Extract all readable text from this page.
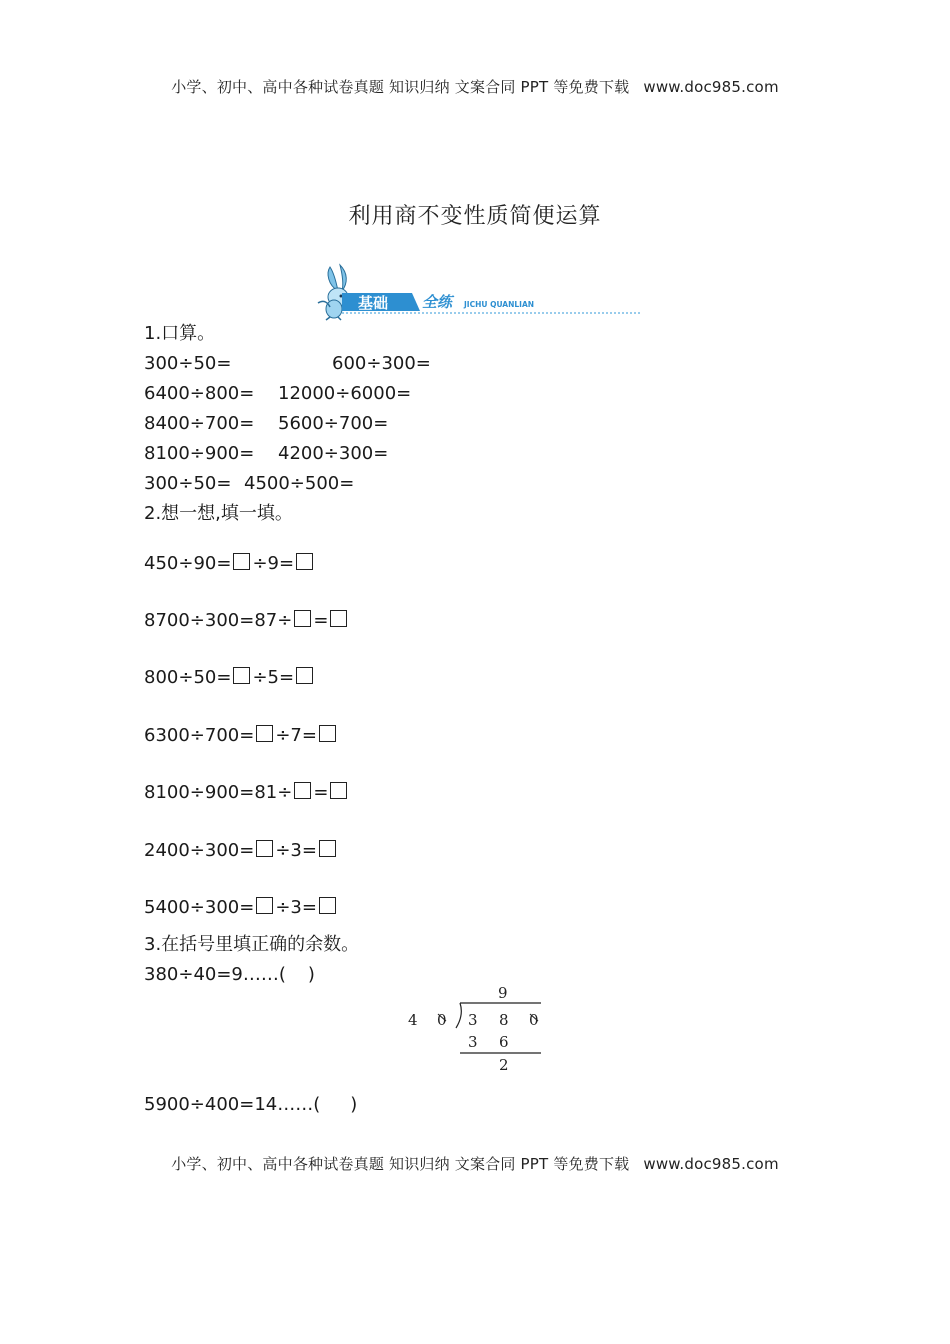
小学、初中、高中各种试卷真题 知识归纳 文案合同 PPT 等免费下载 www.doc985.com
利用商不变性质简便运算
基础 全练	JICHU QUANLIAN
1.口算。
300÷50=	600÷300=
6400÷800= 12000÷6000=
8400÷700= 5600÷700=
8100÷900= 4200÷300=
300÷50= 4500÷500=
2.想一想,填一填。
450÷90= ÷9=
8700÷300=87÷ =
800÷50= ÷5=
6300÷700= ÷7=
8100÷900=81÷ =
2400÷300= ÷3=
5400÷300= ÷3=
3.在括号里填正确的余数。
380÷40=9……( )
9
4 0 3 8 0
3 6
2
5900÷400=14……( )
小学、初中、高中各种试卷真题 知识归纳 文案合同 PPT 等免费下载 www.doc985.com
